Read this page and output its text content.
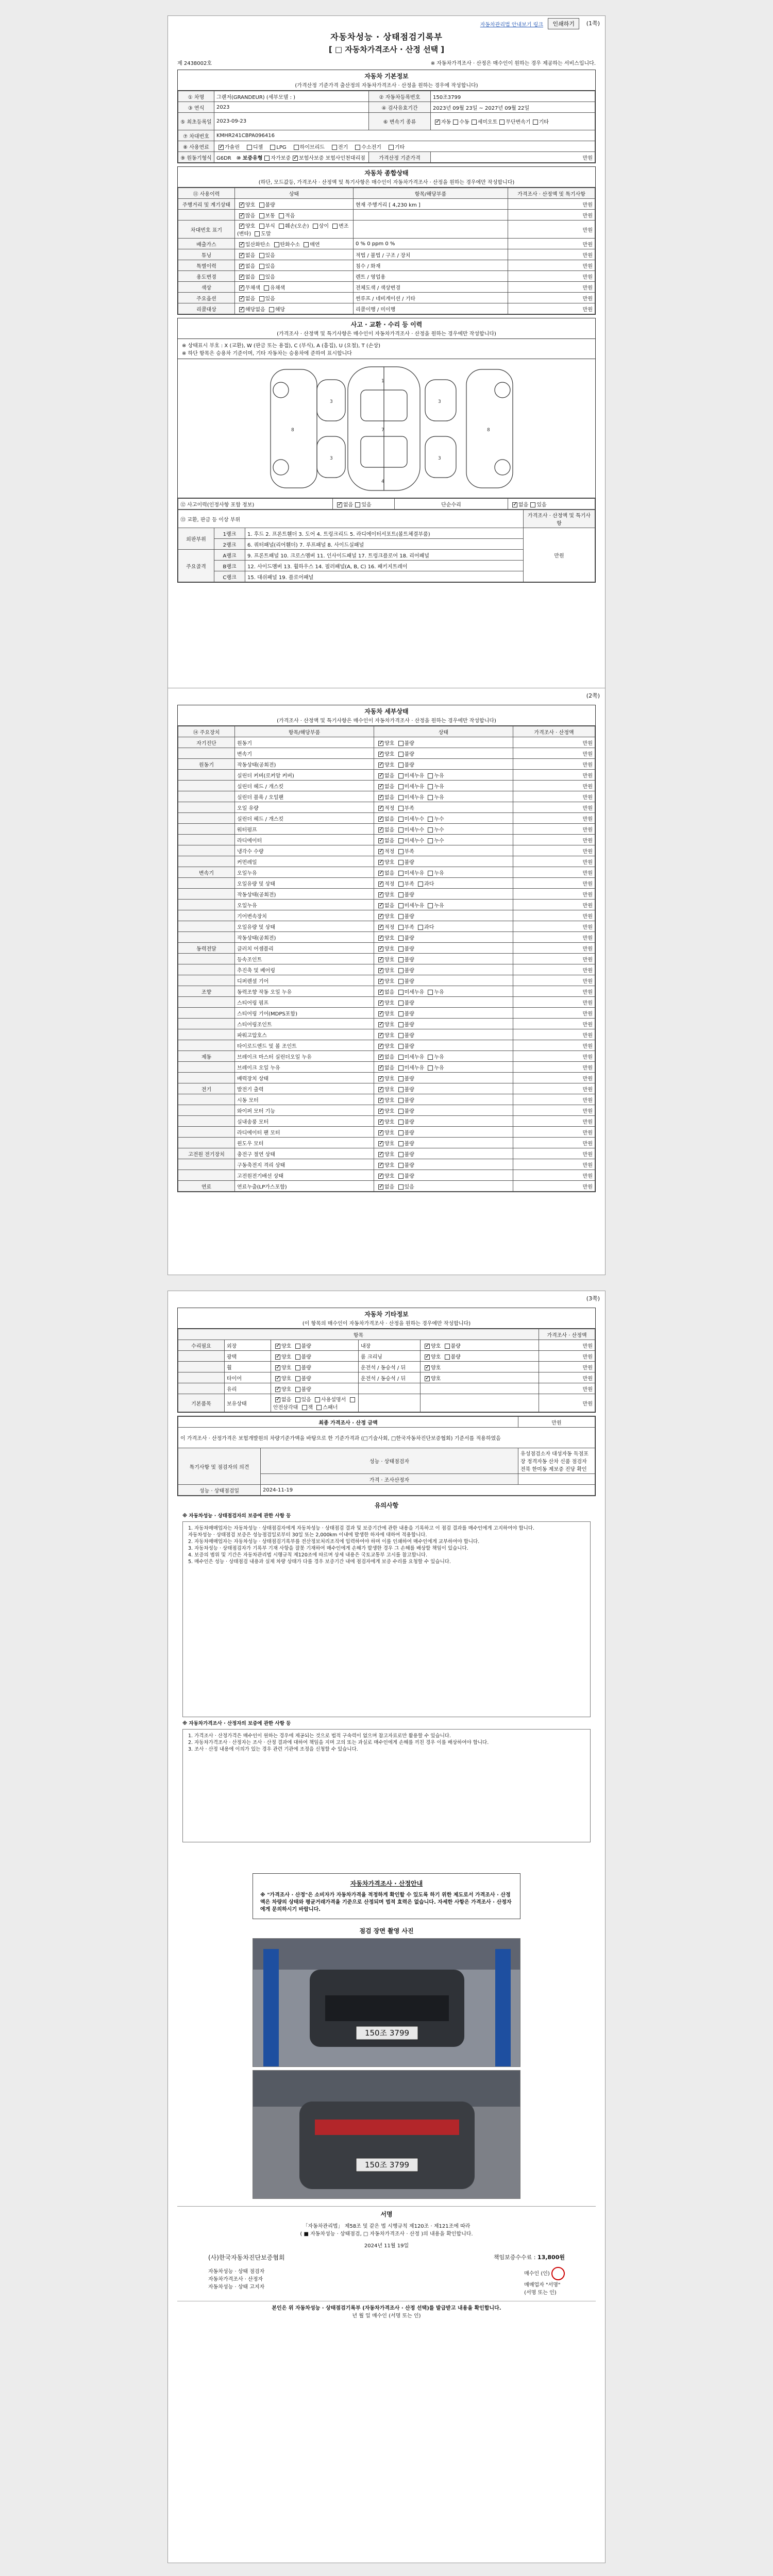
자동차관리법 안내보기 링크	인쇄하기	(1쪽)
자동차성능 · 상태점검기록부
[ □ 자동차가격조사 · 산정 선택 ]
제 2438002호	※ 자동차가격조사 · 산정은 매수인이 원하는 경우 제공하는 서비스입니다.
자동차 기본정보
(가격산정 기준가격 출산정의 자동차가격조사 · 산정을 원하는 경우에 작성합니다)
① 차명	그랜저(GRANDEUR) (세부모델 : )	② 자동차등록번호	150조3799
③ 연식	2023	④ 검사유효기간	2023년 09월 23일 ~ 2027년 09월 22일
⑤ 최초등록일	2023-09-23	⑥ 변속기 종류	✓자동 수동 세미오토 무단변속기 기타
⑦ 차대번호	KMHR241CBPA096416		
⑧ 사용연료	✓가솔린　 디젤　 LPG　 하이브리드　 전기　 수소전기　 기타
⑨ 원동기형식	G6DR　 ⑩ 보증유형 자가보증 ✓ 보험사보증 보험사인천대리점	가격산정 기준가격	만원
자동차 종합상태
(하단, 모드값등, 가격조사 · 산정액 및 특기사항은 매수인이 자동차가격조사 · 산정을 원하는 경우에만 작성합니다)
⑪ 사용이력	상태	항목/해당부품	가격조사 · 산정액 및 특기사항
주행거리 및 계기상태	✓양호 불량	현재 주행거리 [ 4,230 km ]	만원
	✓많음 보통 적음		만원
차대번호 표기	✓양호 부식 훼손(오손) 상이 변조(변타) 도말		만원
배출가스	✓일산화탄소 탄화수소 매연	0 % 0 ppm 0 %	만원
튜닝	✓없음 있음	적법 / 불법 / 구조 / 장치	만원
특별이력	✓없음 있음	침수 / 화재	만원
용도변경	✓없음 있음	렌트 / 영업용	만원
색상	✓무채색 유채색	전체도색 / 색상변경	만원
주요옵션	✓없음 있음	썬루프 / 네비게이션 / 기타	만원
리콜대상	✓해당없음 해당	리콜이행 / 미이행	만원
사고 · 교환 · 수리 등 이력
(가격조사 · 산정액 및 특기사항은 매수인이 자동차가격조사 · 산정을 원하는 경우에만 작성합니다)
※ 상태표시 부호 : X (교환), W (판금 또는 용접), C (부식), A (흠집), U (요철), T (손상)
※ 하단 항목은 승용차 기준이며, 기타 자동차는 승용차에 준하여 표시합니다
1
7
4
3
3
3
3
8	8
⑫ 사고이력(인정사항 포함 정보)	✓없음 있음	단순수리	✓없음 있음
⑬ 교환, 판금 등 이상 부위			가격조사 · 산정액 및 특기사항
외판부위	1랭크	1. 후드 2. 프론트휀더 3. 도어 4. 트렁크리드 5. 라디에이터서포트(볼트체결부품)	만원
	2랭크	6. 쿼터패널(리어휀더) 7. 루프패널 8. 사이드실패널	
주요골격	A랭크	9. 프론트패널 10. 크로스멤버 11. 인사이드패널 17. 트렁크플로어 18. 리어패널	
	B랭크	12. 사이드멤버 13. 휠하우스 14. 필러패널(A, B, C) 16. 패키지트레이	
	C랭크	15. 대쉬패널 19. 플로어패널	
(2쪽)
자동차 세부상태
(가격조사 · 산정액 및 특기사항은 매수인이 자동차가격조사 · 산정을 원하는 경우에만 작성합니다)
⑭ 주요장치	항목/해당부품	상태	가격조사 · 산정액
자기진단	원동기	✓양호 불량	만원
	변속기	✓양호 불량	만원
원동기	작동상태(공회전)	✓양호 불량	만원
	실린더 커버(로커암 커버)	✓없음 미세누유 누유	만원
	실린더 헤드 / 개스킷	✓없음 미세누유 누유	만원
	실린더 블록 / 오일팬	✓없음 미세누유 누유	만원
	오일 유량	✓적정 부족	만원
	실린더 헤드 / 개스킷	✓없음 미세누수 누수	만원
	워터펌프	✓없음 미세누수 누수	만원
	라디에이터	✓없음 미세누수 누수	만원
	냉각수 수량	✓적정 부족	만원
	커먼레일	✓양호 불량	만원
변속기	오일누유	✓없음 미세누유 누유	만원
	오일유량 및 상태	✓적정 부족 과다	만원
	작동상태(공회전)	✓양호 불량	만원
	오일누유	✓없음 미세누유 누유	만원
	기어변속장치	✓양호 불량	만원
	오일유량 및 상태	✓적정 부족 과다	만원
	작동상태(공회전)	✓양호 불량	만원
동력전달	클러치 어셈블리	✓양호 불량	만원
	등속조인트	✓양호 불량	만원
	추진축 및 베어링	✓양호 불량	만원
	디퍼렌셜 기어	✓양호 불량	만원
조향	동력조향 작동 오일 누유	✓없음 미세누유 누유	만원
	스티어링 펌프	✓양호 불량	만원
	스티어링 기어(MDPS포함)	✓양호 불량	만원
	스티어링조인트	✓양호 불량	만원
	파워고압호스	✓양호 불량	만원
	타이로드엔드 및 볼 조인트	✓양호 불량	만원
제동	브레이크 마스터 실린더오일 누유	✓없음 미세누유 누유	만원
	브레이크 오일 누유	✓없음 미세누유 누유	만원
	배력장치 상태	✓양호 불량	만원
전기	발전기 출력	✓양호 불량	만원
	시동 모터	✓양호 불량	만원
	와이퍼 모터 기능	✓양호 불량	만원
	실내송풍 모터	✓양호 불량	만원
	라디에이터 팬 모터	✓양호 불량	만원
	윈도우 모터	✓양호 불량	만원
고전원 전기장치	충전구 절연 상태	✓양호 불량	만원
	구동축전지 격리 상태	✓양호 불량	만원
	고전원전기배선 상태	✓양호 불량	만원
연료	연료누출(LP가스포함)	✓없음 있음	만원
(3쪽)
자동차 기타정보
(이 항목의 매수인이 자동차가격조사 · 산정을 원하는 경우에만 작성합니다)
항목					가격조사 · 산정액
수리필요	외장	✓양호 불량	내장	✓양호 불량	만원
	광택	✓양호 불량	룸 크리닝	✓양호 불량	만원
	휠	✓양호 불량	운전석 / 동승석 / 뒤	✓양호	만원
	타이어	✓양호 불량	운전석 / 동승석 / 뒤	✓양호	만원
	유리	✓양호 불량			만원
기본품목	보유상태	✓없음 있음 사용설명서 안전삼각대 잭 스패너			만원
최종 가격조사 · 산정 금액		만원
이 가격조사 · 산정가격은 보험개발원의 차량기준가액을 바탕으로 한 기준가격과 (□기술사회, □한국자동차진단보증협회) 기준서를 적용하였음		
특기사항 및 점검자의 의견	성능 · 상태점검자	유성점검소자 대성자동 독점포장 정격자동 산차 신품 점검자 전북 한미동 제보증 진당 확인
	가격 · 조사산정자	
성능 · 상태점검일	2024-11-19	
유의사항

※ 자동차성능 · 상태점검자의 보증에 관한 사항 등

1. 자동차매매업자는 자동차성능 · 상태점검자에게 자동차성능 · 상태점검 결과 및 보증기간에 관한 내용을 기록하고 이 점검 결과를 매수인에게 고지하여야 합니다.

자동차성능 · 상태점검 보증은 성능점검일로부터 30일 또는 2,000km 이내에 발생한 하자에 대하여 적용합니다.

2. 자동차매매업자는 자동차성능 · 상태점검기록부를 전산정보처리조직에 입력하여야 하며 이를 인쇄하여 매수인에게 교부하여야 합니다.

3. 자동차성능 · 상태점검자가 기록부 기재 사항을 잘못 기재하여 매수인에게 손해가 발생한 경우 그 손해를 배상할 책임이 있습니다.

4. 보증의 범위 및 기간은 자동차관리법 시행규칙 제120조에 따르며 상세 내용은 국토교통부 고시를 참고합니다.

5. 매수인은 성능 · 상태점검 내용과 실제 차량 상태가 다를 경우 보증기간 내에 점검자에게 보증 수리를 요청할 수 있습니다.

※ 자동차가격조사 · 산정자의 보증에 관한 사항 등

1. 가격조사 · 산정가격은 매수인이 원하는 경우에 제공되는 것으로 법적 구속력이 없으며 참고자료로만 활용할 수 있습니다.

2. 자동차가격조사 · 산정자는 조사 · 산정 결과에 대하여 책임을 지며 고의 또는 과실로 매수인에게 손해를 끼친 경우 이를 배상하여야 합니다.

3. 조사 · 산정 내용에 이의가 있는 경우 관련 기관에 조정을 신청할 수 있습니다.

자동차가격조사 · 산정안내
※ "가격조사 · 산정"은 소비자가 자동차가격을 적정하게 확인할 수 있도록 하기 위한 제도로서 가격조사 · 산정액은 차량의 상태와 평균거래가격을 기준으로 산정되며 법적 효력은 없습니다. 자세한 사항은 가격조사 · 산정자에게 문의하시기 바랍니다.
점검 장면 촬영 사진
150조 3799
150조 3799
서명
「자동차관리법」 제58조 및 같은 법 시행규칙 제120조 · 제121조에 따라
( ■ 자동차성능 · 상태점검, □ 자동차가격조사 · 산정 )의 내용을 확인합니다.
2024년 11월 19일
(사)한국자동차진단보증협회	책임보증수수료 : 13,800원
자동차성능 · 상태 점검자
자동차가격조사 · 산정자
자동차성능 · 상태 고지자
매수인 (인)
매매업자 "서명"
(서명 또는 인)
본인은 위 자동차성능 · 상태점검기록부 (자동차가격조사 · 산정 선택)를 발급받고 내용을 확인합니다.
년 월 일 매수인 (서명 또는 인)
